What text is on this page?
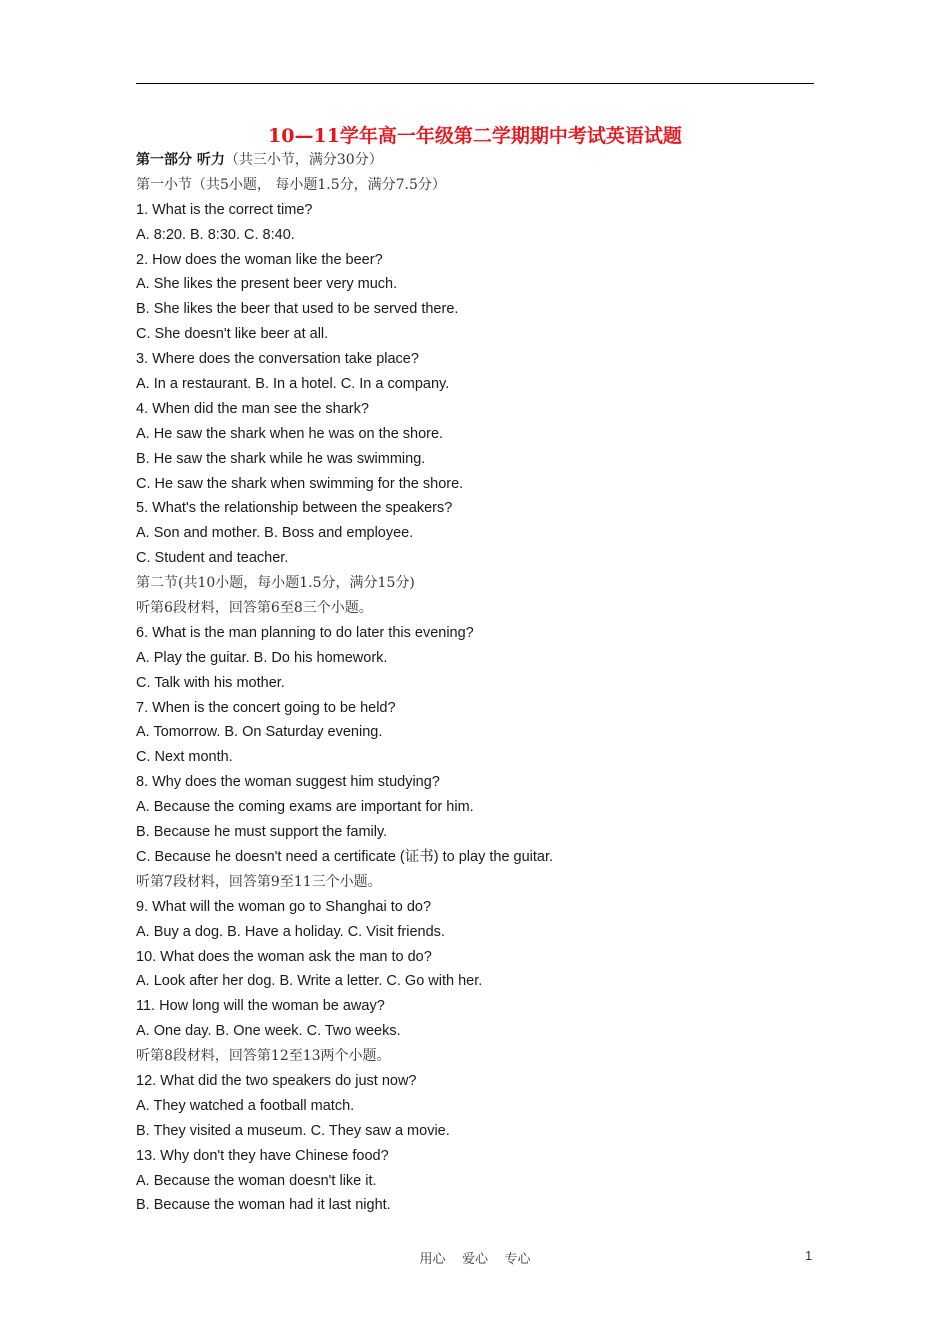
10—11学年高一年级第二学期期中考试英语试题
第一部分 听力（共三小节，满分30分）
第一小节（共5小题， 每小题1.5分，满分7.5分）
1. What is the correct time?
A. 8:20. B. 8:30. C. 8:40.
2. How does the woman like the beer?
A. She likes the present beer very much.
B. She likes the beer that used to be served there.
C. She doesn't like beer at all.
3. Where does the conversation take place?
A. In a restaurant. B. In a hotel. C. In a company.
4. When did the man see the shark?
A. He saw the shark when he was on the shore.
B. He saw the shark while he was swimming.
C. He saw the shark when swimming for the shore.
5. What's the relationship between the speakers?
A. Son and mother. B. Boss and employee.
C. Student and teacher.
第二节(共10小题，每小题1.5分，满分15分)
听第6段材料，回答第6至8三个小题。
6. What is the man planning to do later this evening?
A. Play the guitar. B. Do his homework.
C. Talk with his mother.
7. When is the concert going to be held?
A. Tomorrow. B. On Saturday evening.
C. Next month.
8. Why does the woman suggest him studying?
A. Because the coming exams are important for him.
B. Because he must support the family.
C. Because he doesn't need a certificate (证书) to play the guitar.
听第7段材料，回答第9至11三个小题。
9. What will the woman go to Shanghai to do?
A. Buy a dog. B. Have a holiday. C. Visit friends.
10. What does the woman ask the man to do?
A. Look after her dog. B. Write a letter. C. Go with her.
11. How long will the woman be away?
A. One day. B. One week. C. Two weeks.
听第8段材料，回答第12至13两个小题。
12. What did the two speakers do just now?
A. They watched a football match.
B. They visited a museum. C. They saw a movie.
13. Why don't they have Chinese food?
A. Because the woman doesn't like it.
B. Because the woman had it last night.
用心    爱心    专心	1
